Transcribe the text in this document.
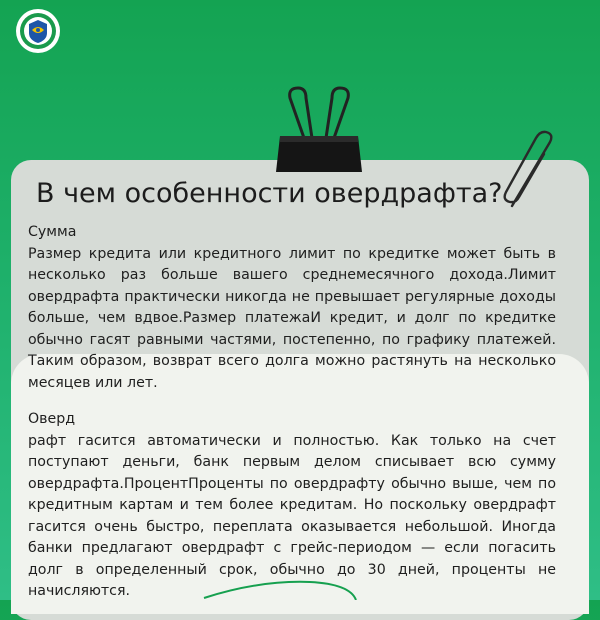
В чем особенности овердрафта?

Сумма

Размер кредита или кредитного лимит по кредитке может быть в несколько раз больше вашего среднемесячного дохода.Лимит овердрафта практически никогда не превышает регулярные доходы больше, чем вдвое.Размер платежаИ кредит, и долг по кредитке обычно гасят равными частями, постепенно, по графику платежей. Таким образом, возврат всего долга можно растянуть на несколько месяцев или лет.

Оверд

рафт гасится автоматически и полностью. Как только на счет поступают деньги, банк первым делом списывает всю сумму овердрафта.ПроцентПроценты по овердрафту обычно выше, чем по кредитным картам и тем более кредитам. Но поскольку овердрафт гасится очень быстро, переплата оказывается небольшой. Иногда банки предлагают овердрафт с грейс-периодом — если погасить долг в определенный срок, обычно до 30 дней, проценты не начисляются.
